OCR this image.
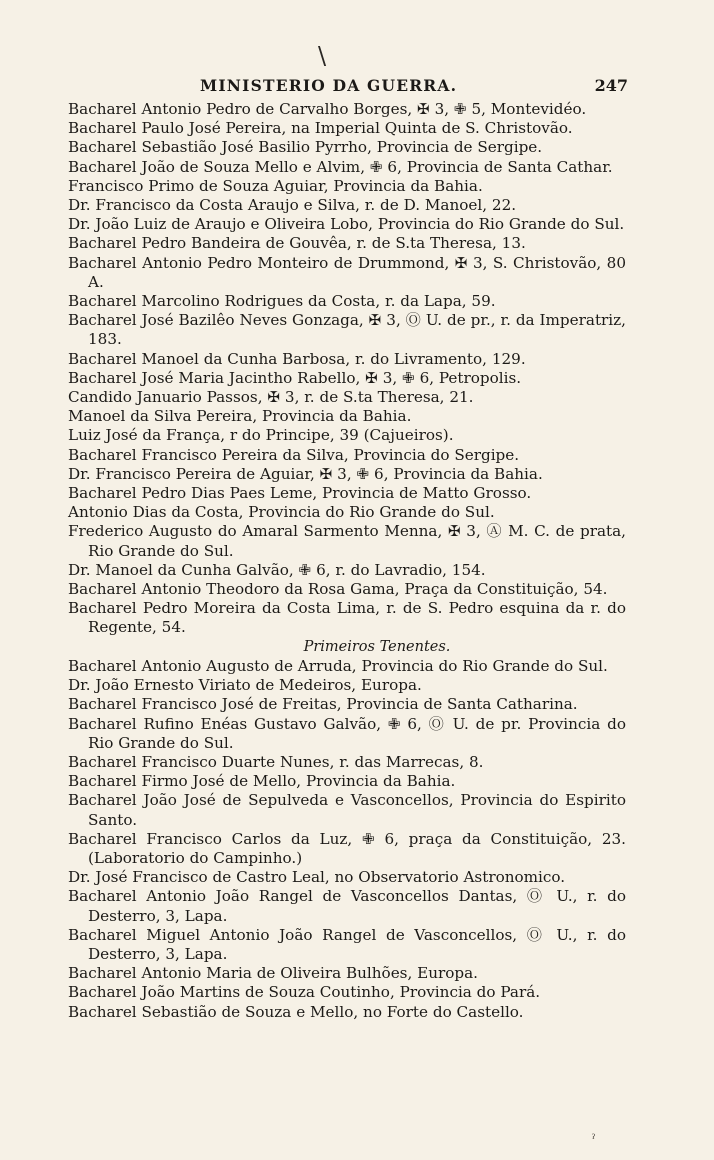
\
MINISTERIO DA GUERRA.	247
Bacharel Antonio Pedro de Carvalho Borges, ✠ 3, ✙ 5, Montevidéo.
Bacharel Paulo José Pereira, na Imperial Quinta de S. Christovão.
Bacharel Sebastião José Basilio Pyrrho, Provincia de Sergipe.
Bacharel João de Souza Mello e Alvim, ✙ 6, Provincia de Santa Cathar.
Francisco Primo de Souza Aguiar, Provincia da Bahia.
Dr. Francisco da Costa Araujo e Silva, r. de D. Manoel, 22.
Dr. João Luiz de Araujo e Oliveira Lobo, Provincia do Rio Grande do Sul.
Bacharel Pedro Bandeira de Gouvêa, r. de S.ta Theresa, 13.
Bacharel Antonio Pedro Monteiro de Drummond, ✠ 3, S. Christovão, 80 A.
Bacharel Marcolino Rodrigues da Costa, r. da Lapa, 59.
Bacharel José Bazilêo Neves Gonzaga, ✠ 3, Ⓞ U. de pr., r. da Imperatriz, 183.
Bacharel Manoel da Cunha Barbosa, r. do Livramento, 129.
Bacharel José Maria Jacintho Rabello, ✠ 3, ✙ 6, Petropolis.
Candido Januario Passos, ✠ 3, r. de S.ta Theresa, 21.
Manoel da Silva Pereira, Provincia da Bahia.
Luiz José da França, r do Principe, 39 (Cajueiros).
Bacharel Francisco Pereira da Silva, Provincia do Sergipe.
Dr. Francisco Pereira de Aguiar, ✠ 3, ✙ 6, Provincia da Bahia.
Bacharel Pedro Dias Paes Leme, Provincia de Matto Grosso.
Antonio Dias da Costa, Provincia do Rio Grande do Sul.
Frederico Augusto do Amaral Sarmento Menna, ✠ 3, Ⓐ M. C. de prata, Rio Grande do Sul.
Dr. Manoel da Cunha Galvão, ✙ 6, r. do Lavradio, 154.
Bacharel Antonio Theodoro da Rosa Gama, Praça da Constituição, 54.
Bacharel Pedro Moreira da Costa Lima, r. de S. Pedro esquina da r. do Regente, 54.
Primeiros Tenentes.
Bacharel Antonio Augusto de Arruda, Provincia do Rio Grande do Sul.
Dr. João Ernesto Viriato de Medeiros, Europa.
Bacharel Francisco José de Freitas, Provincia de Santa Catharina.
Bacharel Rufino Enéas Gustavo Galvão, ✙ 6, Ⓞ U. de pr. Provincia do Rio Grande do Sul.
Bacharel Francisco Duarte Nunes, r. das Marrecas, 8.
Bacharel Firmo José de Mello, Provincia da Bahia.
Bacharel João José de Sepulveda e Vasconcellos, Provincia do Espirito Santo.
Bacharel Francisco Carlos da Luz, ✙ 6, praça da Constituição, 23. (Laboratorio do Campinho.)
Dr. José Francisco de Castro Leal, no Observatorio Astronomico.
Bacharel Antonio João Rangel de Vasconcellos Dantas, Ⓞ U., r. do Desterro, 3, Lapa.
Bacharel Miguel Antonio João Rangel de Vasconcellos, Ⓞ U., r. do Desterro, 3, Lapa.
Bacharel Antonio Maria de Oliveira Bulhões, Europa.
Bacharel João Martins de Souza Coutinho, Provincia do Pará.
Bacharel Sebastião de Souza e Mello, no Forte do Castello.
ˀ
